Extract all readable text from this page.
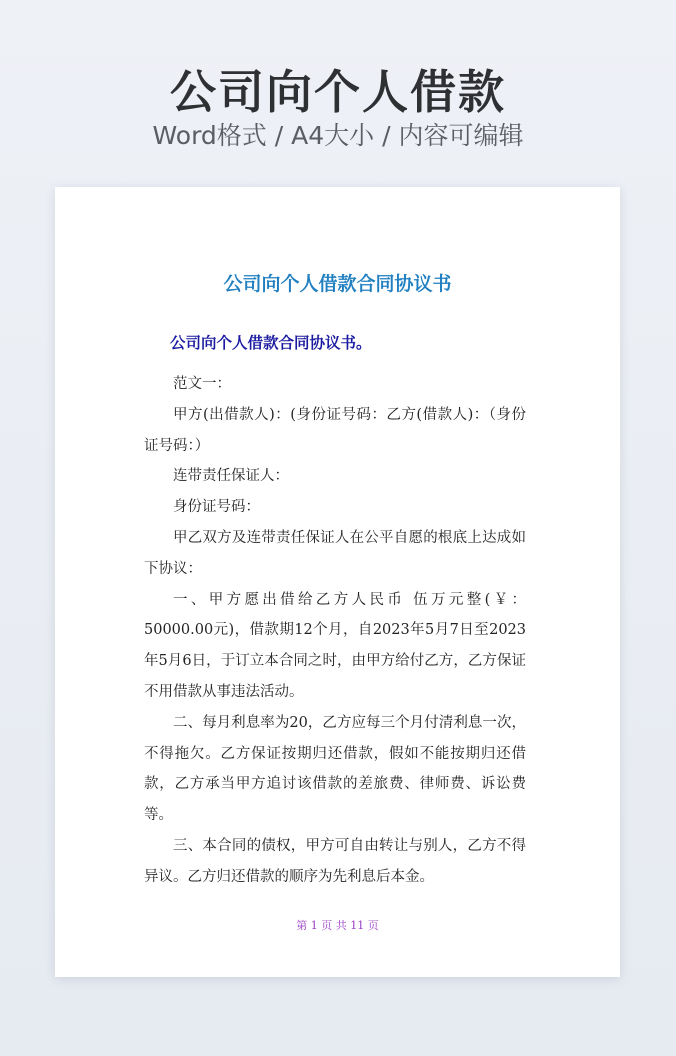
公司向个人借款
Word格式 / A4大小 / 内容可编辑
公司向个人借款合同协议书
公司向个人借款合同协议书。

范文一：

甲方(出借款人)：(身份证号码：乙方(借款人)：（身份证号码：）

连带责任保证人：

身份证号码：

甲乙双方及连带责任保证人在公平自愿的根底上达成如下协议：

一、甲方愿出借给乙方人民币 伍万元整(￥： 50000.00元)，借款期12个月，自2023年5月7日至2023年5月6日，于订立本合同之时，由甲方给付乙方，乙方保证不用借款从事违法活动。

二、每月利息率为20，乙方应每三个月付清利息一次，不得拖欠。乙方保证按期归还借款，假如不能按期归还借款，乙方承当甲方追讨该借款的差旅费、律师费、诉讼费等。

三、本合同的债权，甲方可自由转让与别人，乙方不得异议。乙方归还借款的顺序为先利息后本金。

第 1 页 共 11 页
